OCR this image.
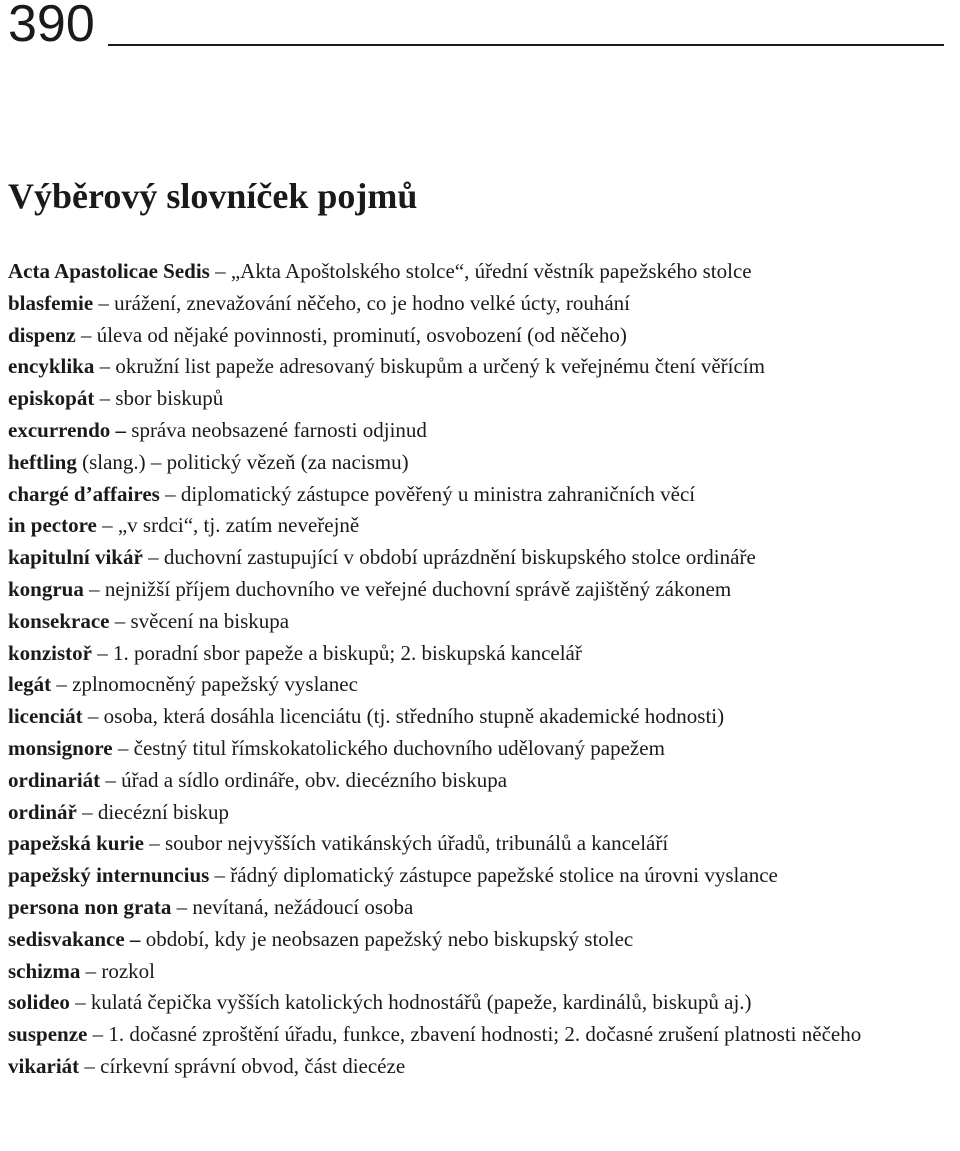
390
Výběrový slovníček pojmů
Acta Apastolicae Sedis – „Akta Apoštolského stolce“, úřední věstník papežského stolce
blasfemie – urážení, znevažování něčeho, co je hodno velké úcty, rouhání
dispenz – úleva od nějaké povinnosti, prominutí, osvobození (od něčeho)
encyklika – okružní list papeže adresovaný biskupům a určený k veřejnému čtení věřícím
episkopát – sbor biskupů
excurrendo – správa neobsazené farnosti odjinud
heftling (slang.) – politický vězeň (za nacismu)
chargé d’affaires – diplomatický zástupce pověřený u ministra zahraničních věcí
in pectore – „v srdci“, tj. zatím neveřejně
kapitulní vikář – duchovní zastupující v období uprázdnění biskupského stolce ordináře
kongrua – nejnižší příjem duchovního ve veřejné duchovní správě zajištěný zákonem
konsekrace – svěcení na biskupa
konzistoř – 1. poradní sbor papeže a biskupů; 2. biskupská kancelář
legát – zplnomocněný papežský vyslanec
licenciát – osoba, která dosáhla licenciátu (tj. středního stupně akademické hodnosti)
monsignore – čestný titul římskokatolického duchovního udělovaný papežem
ordinariát – úřad a sídlo ordináře, obv. diecézního biskupa
ordinář – diecézní biskup
papežská kurie – soubor nejvyšších vatikánských úřadů, tribunálů a kanceláří
papežský internuncius – řádný diplomatický zástupce papežské stolice na úrovni vyslance
persona non grata – nevítaná, nežádoucí osoba
sedisvakance – období, kdy je neobsazen papežský nebo biskupský stolec
schizma – rozkol
solideo – kulatá čepička vyšších katolických hodnostářů (papeže, kardinálů, biskupů aj.)
suspenze – 1. dočasné zproštění úřadu, funkce, zbavení hodnosti; 2. dočasné zrušení platnosti něčeho
vikariát – církevní správní obvod, část diecéze
